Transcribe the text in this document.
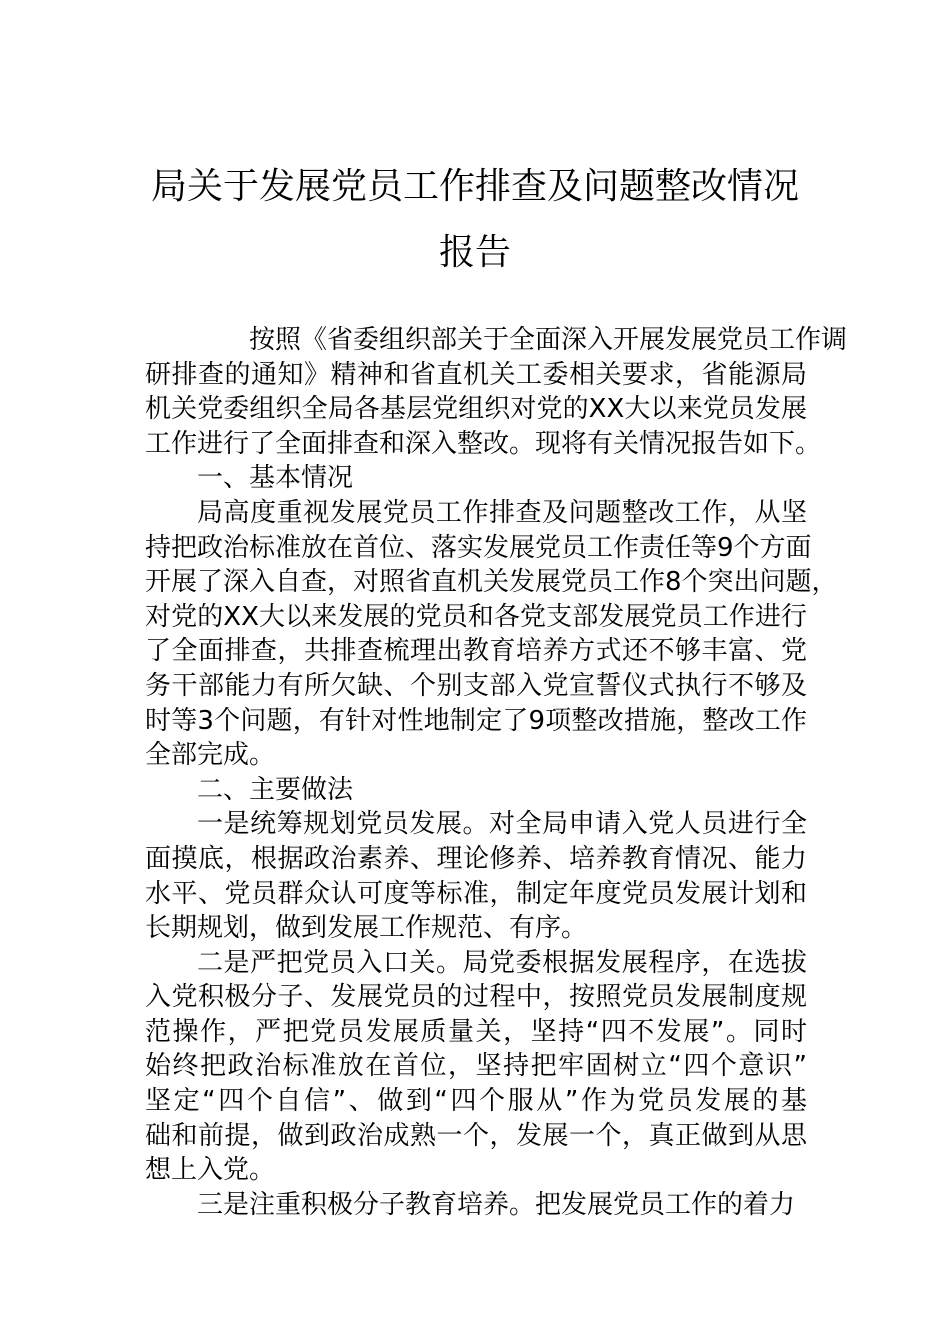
局关于发展党员工作排查及问题整改情况
报告
按照《省委组织部关于全面深入开展发展党员工作调
研排查的通知》精神和省直机关工委相关要求，省能源局
机关党委组织全局各基层党组织对党的XX大以来党员发展
工作进行了全面排查和深入整改。现将有关情况报告如下。
一、基本情况
局高度重视发展党员工作排查及问题整改工作，从坚
持把政治标准放在首位、落实发展党员工作责任等9个方面
开展了深入自查，对照省直机关发展党员工作8个突出问题，
对党的XX大以来发展的党员和各党支部发展党员工作进行
了全面排查，共排查梳理出教育培养方式还不够丰富、党
务干部能力有所欠缺、个别支部入党宣誓仪式执行不够及
时等3个问题，有针对性地制定了9项整改措施，整改工作
全部完成。
二、主要做法
一是统筹规划党员发展。对全局申请入党人员进行全
面摸底，根据政治素养、理论修养、培养教育情况、能力
水平、党员群众认可度等标准，制定年度党员发展计划和
长期规划，做到发展工作规范、有序。
二是严把党员入口关。局党委根据发展程序，在选拔
入党积极分子、发展党员的过程中，按照党员发展制度规
范操作，严把党员发展质量关，坚持“四不发展”。同时
始终把政治标准放在首位，坚持把牢固树立“四个意识”
坚定“四个自信”、做到“四个服从”作为党员发展的基
础和前提，做到政治成熟一个，发展一个，真正做到从思
想上入党。
三是注重积极分子教育培养。把发展党员工作的着力
